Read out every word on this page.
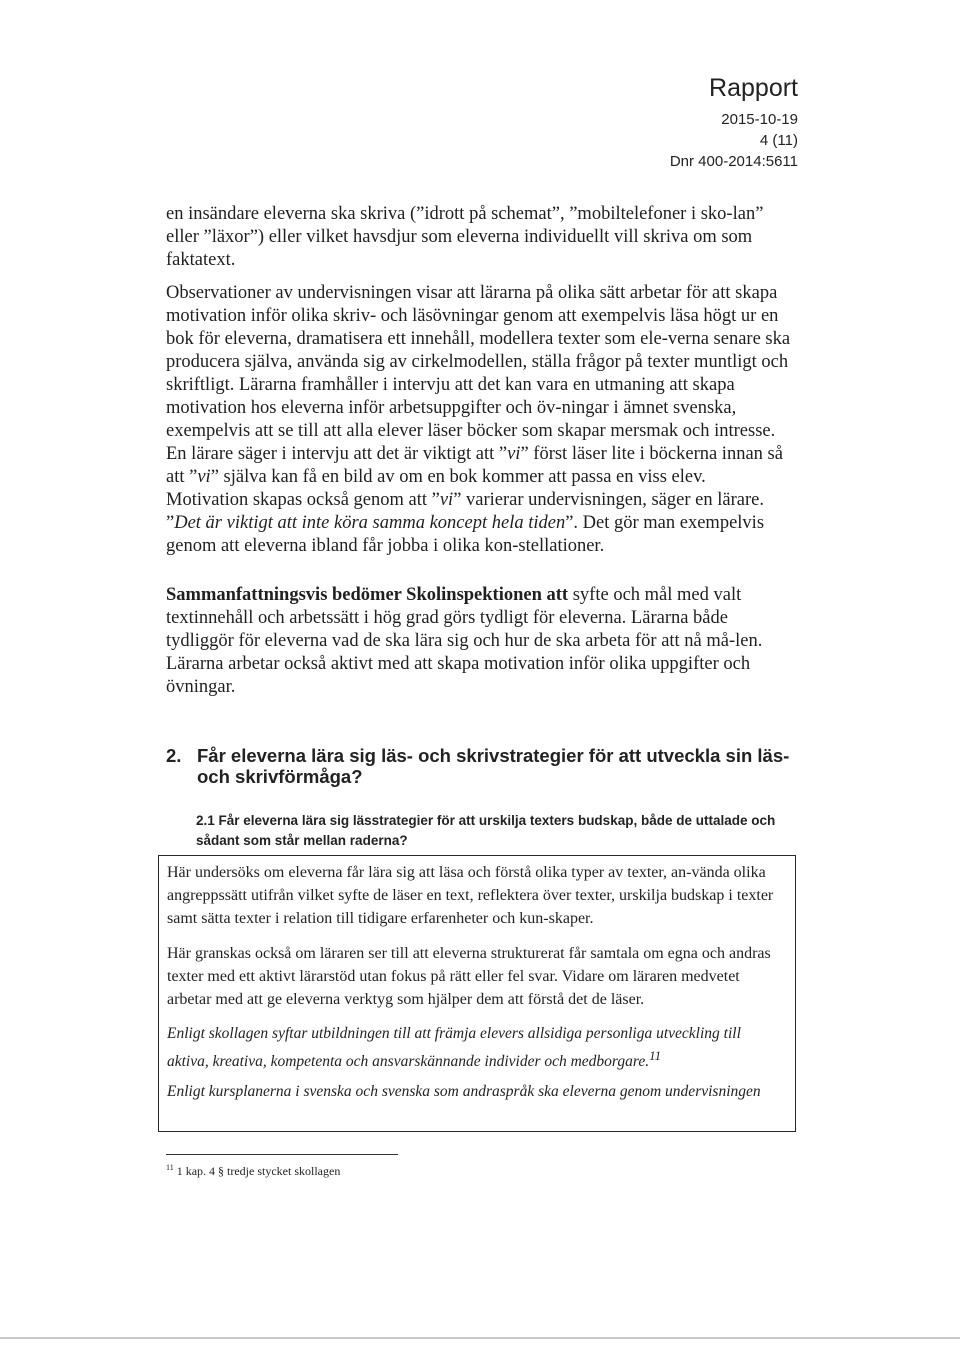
Rapport
2015-10-19
4 (11)
Dnr 400-2014:5611

en insändare eleverna ska skriva (”idrott på schemat”, ”mobiltelefoner i sko-lan” eller ”läxor”) eller vilket havsdjur som eleverna individuellt vill skriva om som faktatext.

Observationer av undervisningen visar att lärarna på olika sätt arbetar för att skapa motivation inför olika skriv- och läsövningar genom att exempelvis läsa högt ur en bok för eleverna, dramatisera ett innehåll, modellera texter som ele-verna senare ska producera själva, använda sig av cirkelmodellen, ställa frågor på texter muntligt och skriftligt. Lärarna framhåller i intervju att det kan vara en utmaning att skapa motivation hos eleverna inför arbetsuppgifter och öv-ningar i ämnet svenska, exempelvis att se till att alla elever läser böcker som skapar mersmak och intresse. En lärare säger i intervju att det är viktigt att ”vi” först läser lite i böckerna innan så att ”vi” själva kan få en bild av om en bok kommer att passa en viss elev. Motivation skapas också genom att ”vi” varierar undervisningen, säger en lärare. ”Det är viktigt att inte köra samma koncept hela tiden”. Det gör man exempelvis genom att eleverna ibland får jobba i olika kon-stellationer.

Sammanfattningsvis bedömer Skolinspektionen att syfte och mål med valt textinnehåll och arbetssätt i hög grad görs tydligt för eleverna. Lärarna både tydliggör för eleverna vad de ska lära sig och hur de ska arbeta för att nå må-len. Lärarna arbetar också aktivt med att skapa motivation inför olika uppgifter och övningar.

2. Får eleverna lära sig läs- och skrivstrategier för att utveckla sin läs- och skrivförmåga?
2.1 Får eleverna lära sig lässtrategier för att urskilja texters budskap, både de uttalade och sådant som står mellan raderna?

Här undersöks om eleverna får lära sig att läsa och förstå olika typer av texter, an-vända olika angreppssätt utifrån vilket syfte de läser en text, reflektera över texter, urskilja budskap i texter samt sätta texter i relation till tidigare erfarenheter och kun-skaper.

Här granskas också om läraren ser till att eleverna strukturerat får samtala om egna och andras texter med ett aktivt lärarstöd utan fokus på rätt eller fel svar. Vidare om läraren medvetet arbetar med att ge eleverna verktyg som hjälper dem att förstå det de läser.

Enligt skollagen syftar utbildningen till att främja elevers allsidiga personliga utveckling till aktiva, kreativa, kompetenta och ansvarskännande individer och medborgare.$^{11}$

Enligt kursplanerna i svenska och svenska som andraspråk ska eleverna genom undervisningen

$^{11}$ 1 kap. 4 § tredje stycket skollagen
